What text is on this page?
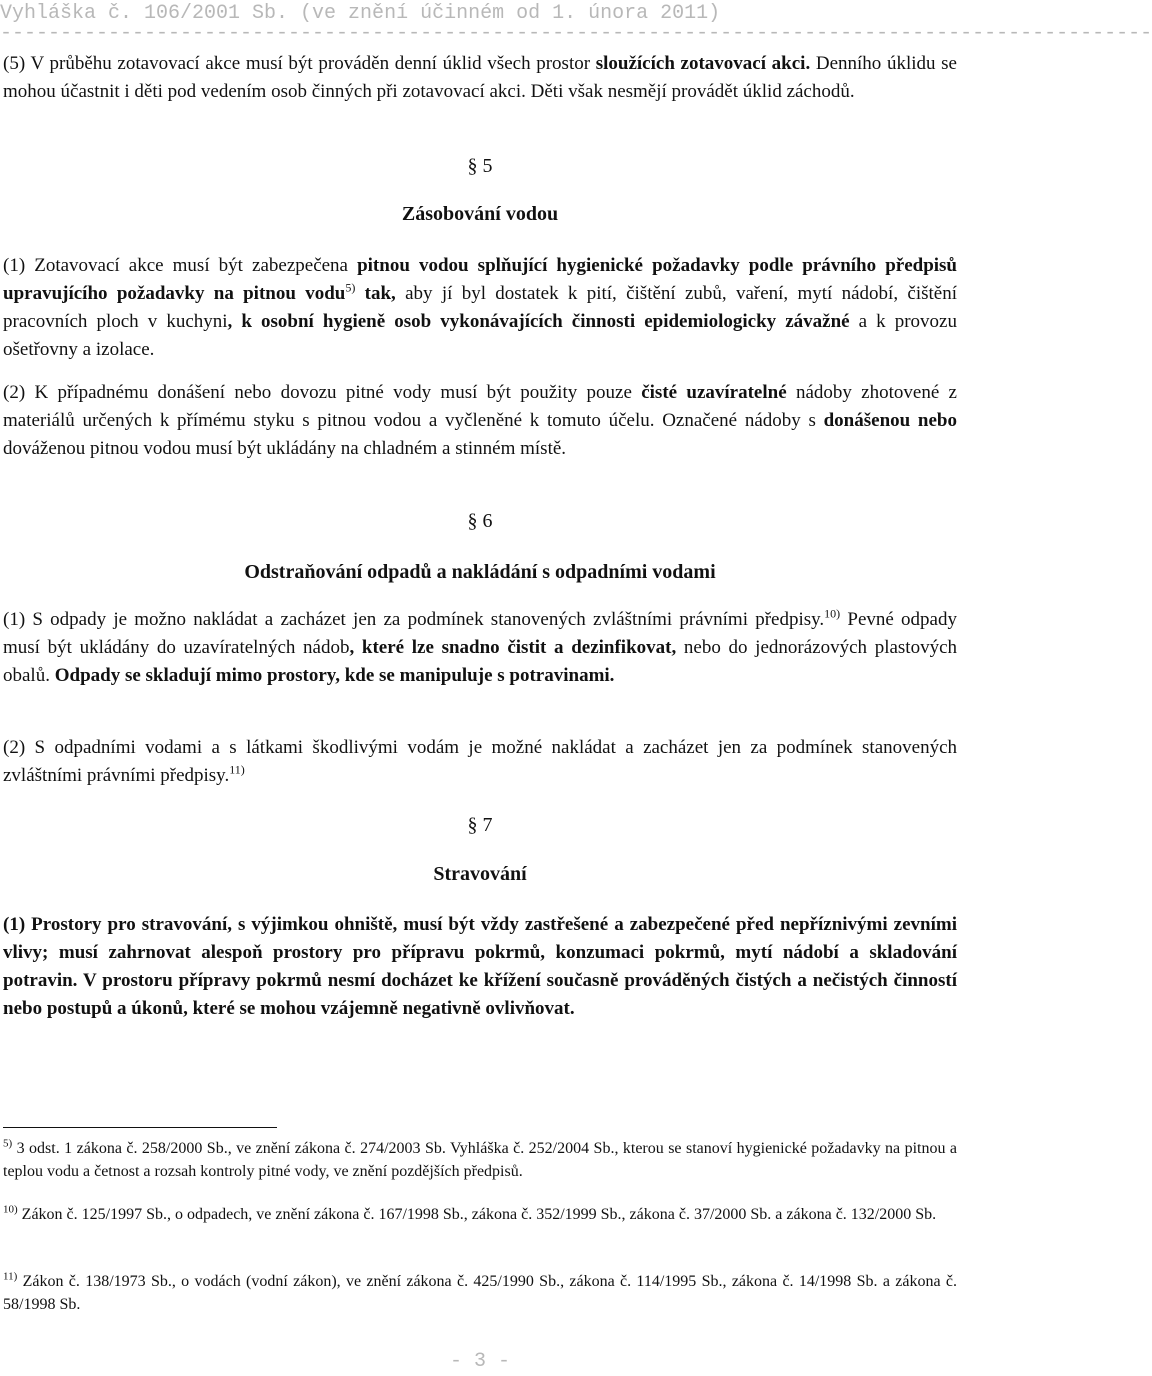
Vyhláška č. 106/2001 Sb. (ve znění účinném od 1. února 2011)
------------------------------------------------------------------------------------------------
(5) V průběhu zotavovací akce musí být prováděn denní úklid všech prostor sloužících zotavovací akci. Denního úklidu se mohou účastnit i děti pod vedením osob činných při zotavovací akci. Děti však nesmějí provádět úklid záchodů.
§ 5
Zásobování vodou
(1) Zotavovací akce musí být zabezpečena pitnou vodou splňující hygienické požadavky podle právního předpisů upravujícího požadavky na pitnou vodu$^{5)}$ tak, aby jí byl dostatek k pití, čištění zubů, vaření, mytí nádobí, čištění pracovních ploch v kuchyni, k osobní hygieně osob vykonávajících činnosti epidemiologicky závažné a k provozu ošetřovny a izolace.
(2) K případnému donášení nebo dovozu pitné vody musí být použity pouze čisté uzavíratelné nádoby zhotovené z materiálů určených k přímému styku s pitnou vodou a vyčleněné k tomuto účelu. Označené nádoby s donášenou nebo dováženou pitnou vodou musí být ukládány na chladném a stinném místě.
§ 6
Odstraňování odpadů a nakládání s odpadními vodami
(1) S odpady je možno nakládat a zacházet jen za podmínek stanovených zvláštními právními předpisy.$^{10)}$ Pevné odpady musí být ukládány do uzavíratelných nádob, které lze snadno čistit a dezinfikovat, nebo do jednorázových plastových obalů. Odpady se skladují mimo prostory, kde se manipuluje s potravinami.
(2) S odpadními vodami a s látkami škodlivými vodám je možné nakládat a zacházet jen za podmínek stanovených zvláštními právními předpisy.$^{11)}$
§ 7
Stravování
(1) Prostory pro stravování, s výjimkou ohniště, musí být vždy zastřešené a zabezpečené před nepříznivými zevními vlivy; musí zahrnovat alespoň prostory pro přípravu pokrmů, konzumaci pokrmů, mytí nádobí a skladování potravin. V prostoru přípravy pokrmů nesmí docházet ke křížení současně prováděných čistých a nečistých činností nebo postupů a úkonů, které se mohou vzájemně negativně ovlivňovat.
$^{5)}$ 3 odst. 1 zákona č. 258/2000 Sb., ve znění zákona č. 274/2003 Sb. Vyhláška č. 252/2004 Sb., kterou se stanoví hygienické požadavky na pitnou a teplou vodu a četnost a rozsah kontroly pitné vody, ve znění pozdějších předpisů.
$^{10)}$ Zákon č. 125/1997 Sb., o odpadech, ve znění zákona č. 167/1998 Sb., zákona č. 352/1999 Sb., zákona č. 37/2000 Sb. a zákona č. 132/2000 Sb.
$^{11)}$ Zákon č. 138/1973 Sb., o vodách (vodní zákon), ve znění zákona č. 425/1990 Sb., zákona č. 114/1995 Sb., zákona č. 14/1998 Sb. a zákona č. 58/1998 Sb.
- 3 -
